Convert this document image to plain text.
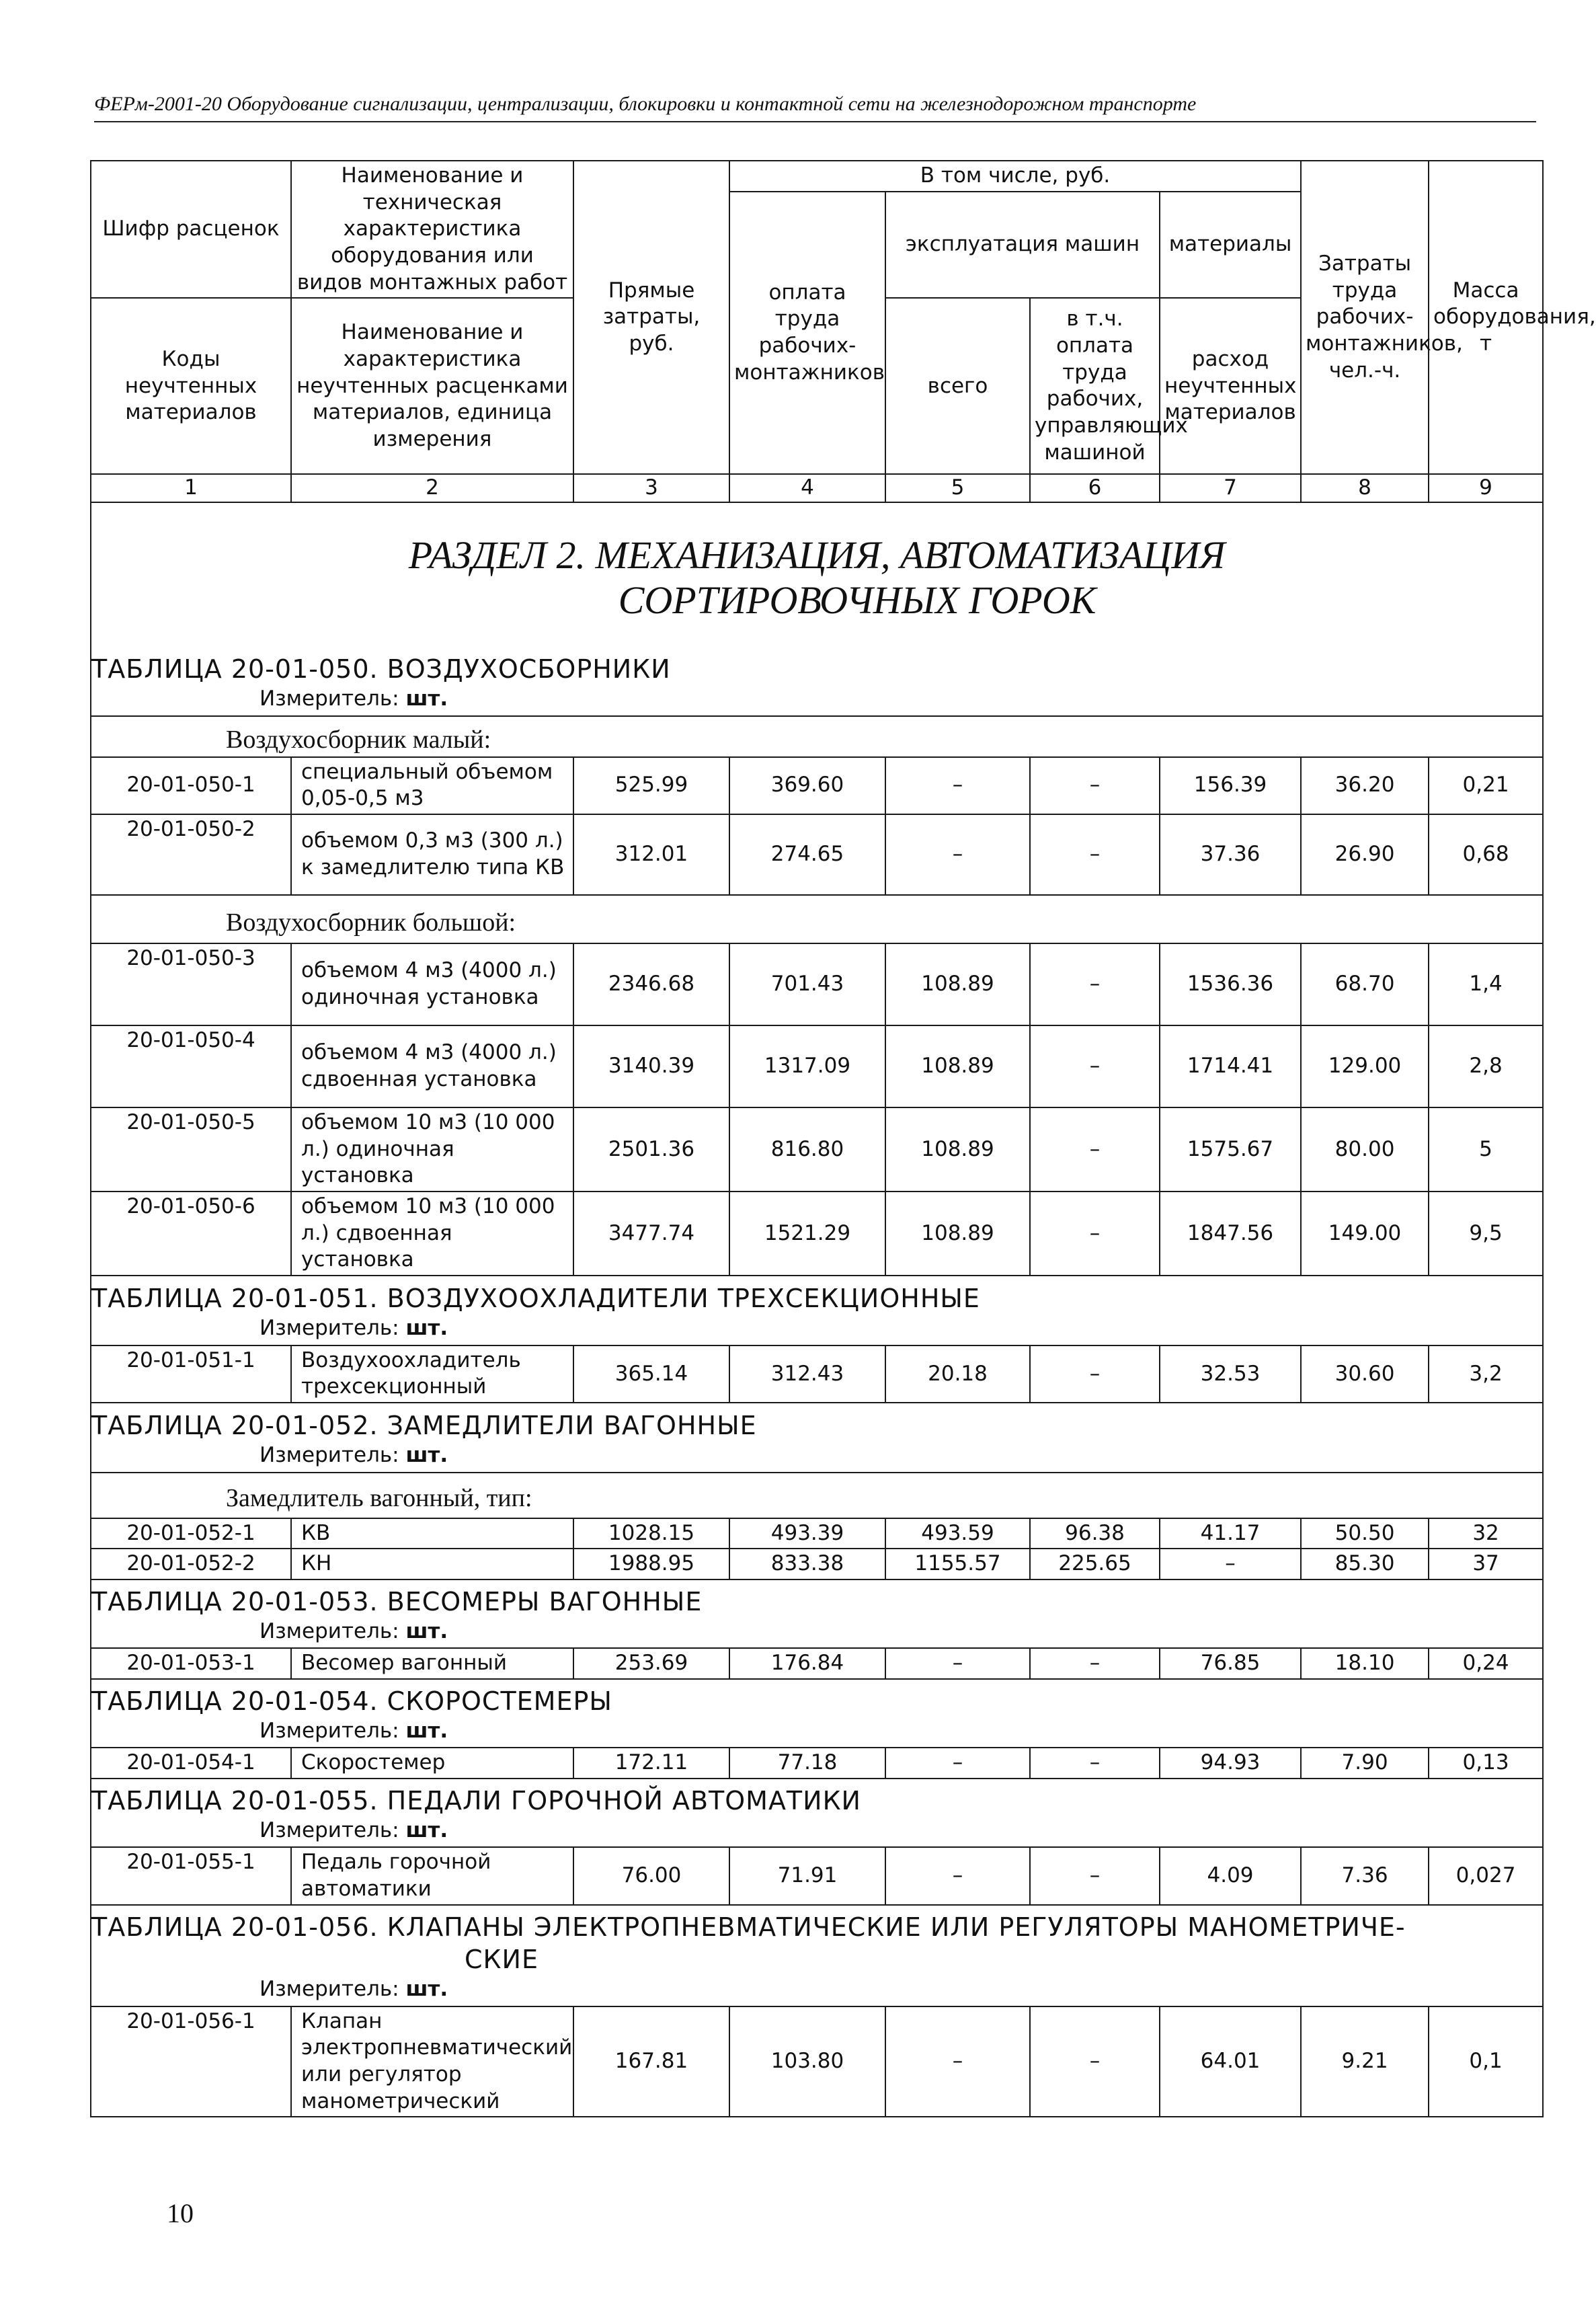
ФЕРм-2001-20 Оборудование сигнализации, централизации, блокировки и контактной сети на железнодорожном транспорте
Шифр расценок	Наименование и техническая характеристика оборудования или видов монтажных работ	Прямые затраты, руб.	В том числе, руб.				Затраты труда рабочих-монтажников, чел.-ч.	Масса оборудования, т
			оплата труда рабочих-монтажников	эксплуатация машин		материалы		

Коды неучтенных материалов	Наименование и характеристика неучтенных расценками материалов, единица измерения			всего	в т.ч. оплата труда рабочих, управляющих машиной	расход неучтенных материалов		

1	2	3	4	5	6	7	8	9
РАЗДЕЛ 2. МЕХАНИЗАЦИЯ, АВТОМАТИЗАЦИЯ
СОРТИРОВОЧНЫХ ГОРОК								

ТАБЛИЦА 20-01-050. ВОЗДУХОСБОРНИКИ								
Измеритель: шт.								
Воздухосборник малый:								
20-01-050-1	специальный объемом 0,05-0,5 м3	525.99	369.60	–	–	156.39	36.20	0,21
20-01-050-2	объемом 0,3 м3 (300 л.) к замедлителю типа КВ	312.01	274.65	–	–	37.36	26.90	0,68
Воздухосборник большой:								
20-01-050-3	объемом 4 м3 (4000 л.) одиночная установка	2346.68	701.43	108.89	–	1536.36	68.70	1,4
20-01-050-4	объемом 4 м3 (4000 л.) сдвоенная установка	3140.39	1317.09	108.89	–	1714.41	129.00	2,8
20-01-050-5	объемом 10 м3 (10 000 л.) одиночная установка	2501.36	816.80	108.89	–	1575.67	80.00	5
20-01-050-6	объемом 10 м3 (10 000 л.) сдвоенная установка	3477.74	1521.29	108.89	–	1847.56	149.00	9,5
ТАБЛИЦА 20-01-051. ВОЗДУХООХЛАДИТЕЛИ ТРЕХСЕКЦИОННЫЕ								
Измеритель: шт.								
20-01-051-1	Воздухоохладитель трехсекционный	365.14	312.43	20.18	–	32.53	30.60	3,2
ТАБЛИЦА 20-01-052. ЗАМЕДЛИТЕЛИ ВАГОННЫЕ								
Измеритель: шт.								
Замедлитель вагонный, тип:								
20-01-052-1	КВ	1028.15	493.39	493.59	96.38	41.17	50.50	32
20-01-052-2	КН	1988.95	833.38	1155.57	225.65	–	85.30	37
ТАБЛИЦА 20-01-053. ВЕСОМЕРЫ ВАГОННЫЕ								
Измеритель: шт.								
20-01-053-1	Весомер вагонный	253.69	176.84	–	–	76.85	18.10	0,24
ТАБЛИЦА 20-01-054. СКОРОСТЕМЕРЫ								
Измеритель: шт.								
20-01-054-1	Скоростемер	172.11	77.18	–	–	94.93	7.90	0,13
ТАБЛИЦА 20-01-055. ПЕДАЛИ ГОРОЧНОЙ АВТОМАТИКИ								
Измеритель: шт.								
20-01-055-1	Педаль горочной автоматики	76.00	71.91	–	–	4.09	7.36	0,027
ТАБЛИЦА 20-01-056. КЛАПАНЫ ЭЛЕКТРОПНЕВМАТИЧЕСКИЕ ИЛИ РЕГУЛЯТОРЫ МАНОМЕТРИЧЕ-
СКИЕ								

Измеритель: шт.								
20-01-056-1	Клапан электропневматический или регулятор манометрический	167.81	103.80	–	–	64.01	9.21	0,1
10
